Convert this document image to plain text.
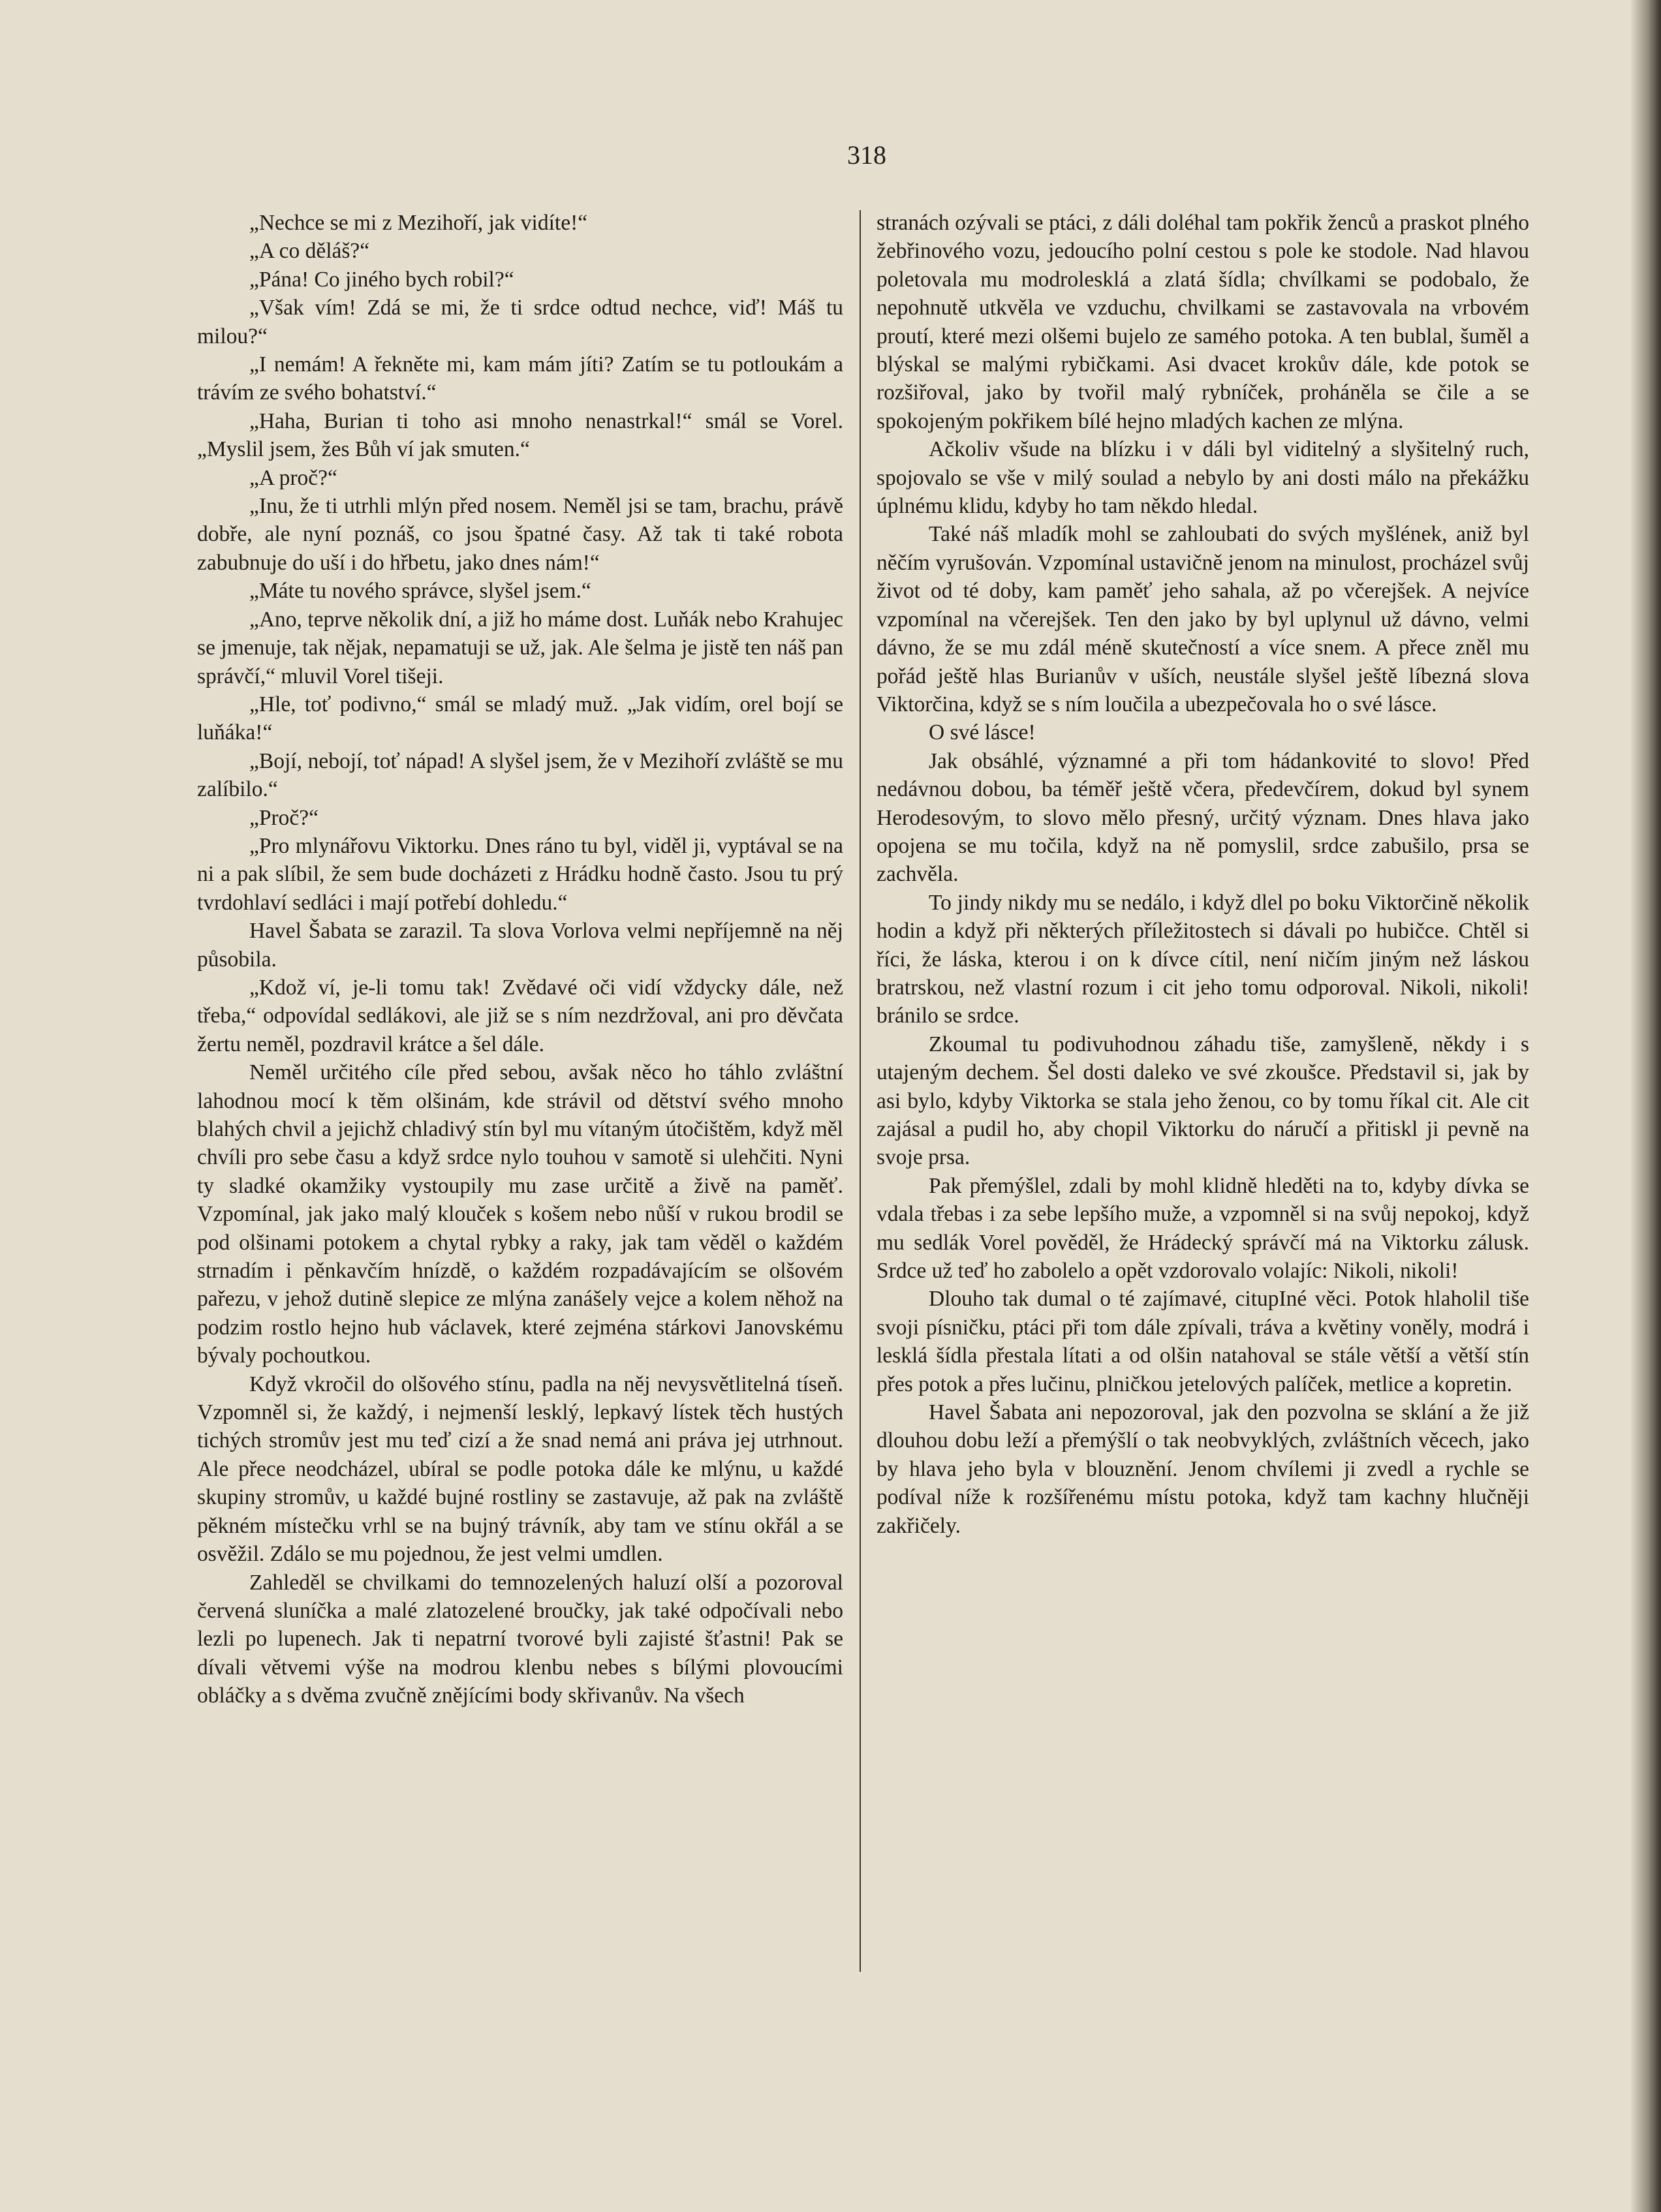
318

„Nechce se mi z Mezihoří, jak vidíte!“

„A co děláš?“

„Pána! Co jiného bych robil?“

„Však vím! Zdá se mi, že ti srdce odtud nechce, viď! Máš tu milou?“

„I nemám! A řekněte mi, kam mám jíti? Zatím se tu potloukám a trávím ze svého bohatství.“

„Haha, Burian ti toho asi mnoho nenastrkal!“ smál se Vorel. „Myslil jsem, žes Bůh ví jak smuten.“

„A proč?“

„Inu, že ti utrhli mlýn před nosem. Neměl jsi se tam, brachu, právě dobře, ale nyní poznáš, co jsou špatné časy. Až tak ti také robota zabubnuje do uší i do hřbetu, jako dnes nám!“

„Máte tu nového správce, slyšel jsem.“

„Ano, teprve několik dní, a již ho máme dost. Luňák nebo Krahujec se jmenuje, tak nějak, nepamatuji se už, jak. Ale šelma je jistě ten náš pan správčí,“ mluvil Vorel tišeji.

„Hle, toť podivno,“ smál se mladý muž. „Jak vidím, orel bojí se luňáka!“

„Bojí, nebojí, toť nápad! A slyšel jsem, že v Mezihoří zvláště se mu zalíbilo.“

„Proč?“

„Pro mlynářovu Viktorku. Dnes ráno tu byl, viděl ji, vyptával se na ni a pak slíbil, že sem bude docházeti z Hrádku hodně často. Jsou tu prý tvrdohlaví sedláci i mají potřebí dohledu.“

Havel Šabata se zarazil. Ta slova Vorlova velmi nepříjemně na něj působila.

„Kdož ví, je-li tomu tak! Zvědavé oči vidí vždycky dále, než třeba,“ odpovídal sedlákovi, ale již se s ním nezdržoval, ani pro děvčata žertu neměl, pozdravil krátce a šel dále.

Neměl určitého cíle před sebou, avšak něco ho táhlo zvláštní lahodnou mocí k těm olšinám, kde strávil od dětství svého mnoho blahých chvil a jejichž chladivý stín byl mu vítaným útočištěm, když měl chvíli pro sebe času a když srdce nylo touhou v samotě si ulehčiti. Nyni ty sladké okamžiky vystoupily mu zase určitě a živě na paměť. Vzpomínal, jak jako malý klouček s košem nebo nůší v rukou brodil se pod olšinami potokem a chytal rybky a raky, jak tam věděl o každém strnadím i pěnkavčím hnízdě, o každém rozpadávajícím se olšovém pařezu, v jehož dutině slepice ze mlýna zanášely vejce a kolem něhož na podzim rostlo hejno hub václavek, které zejména stárkovi Janovskému bývaly pochoutkou.

Když vkročil do olšového stínu, padla na něj nevysvětlitelná tíseň. Vzpomněl si, že každý, i nejmenší lesklý, lepkavý lístek těch hustých tichých stromův jest mu teď cizí a že snad nemá ani práva jej utrhnout. Ale přece neodcházel, ubíral se podle potoka dále ke mlýnu, u každé skupiny stromův, u každé bujné rostliny se zastavuje, až pak na zvláště pěkném místečku vrhl se na bujný trávník, aby tam ve stínu okřál a se osvěžil. Zdálo se mu pojednou, že jest velmi umdlen.

Zahleděl se chvilkami do temnozelených haluzí olší a pozoroval červená sluníčka a malé zlatozelené broučky, jak také odpočívali nebo lezli po lupenech. Jak ti nepatrní tvorové byli zajisté šťastni! Pak se dívali větvemi výše na modrou klenbu nebes s bílými plovoucími obláčky a s dvěma zvučně znějícími body skřivanův. Na všech

stranách ozývali se ptáci, z dáli doléhal tam pokřik ženců a praskot plného žebřinového vozu, jedoucího polní cestou s pole ke stodole. Nad hlavou poletovala mu modrolesklá a zlatá šídla; chvílkami se podobalo, že nepohnutě utkvěla ve vzduchu, chvilkami se zastavovala na vrbovém proutí, které mezi olšemi bujelo ze samého potoka. A ten bublal, šuměl a blýskal se malými rybičkami. Asi dvacet krokův dále, kde potok se rozšiřoval, jako by tvořil malý rybníček, proháněla se čile a se spokojeným pokřikem bílé hejno mladých kachen ze mlýna.

Ačkoliv všude na blízku i v dáli byl viditelný a slyšitelný ruch, spojovalo se vše v milý soulad a nebylo by ani dosti málo na překážku úplnému klidu, kdyby ho tam někdo hledal.

Také náš mladík mohl se zahloubati do svých myšlének, aniž byl něčím vyrušován. Vzpomínal ustavičně jenom na minulost, procházel svůj život od té doby, kam paměť jeho sahala, až po včerejšek. A nejvíce vzpomínal na včerejšek. Ten den jako by byl uplynul už dávno, velmi dávno, že se mu zdál méně skutečností a více snem. A přece zněl mu pořád ještě hlas Burianův v uších, neustále slyšel ještě líbezná slova Viktorčina, když se s ním loučila a ubezpečovala ho o své lásce.

O své lásce!

Jak obsáhlé, významné a při tom hádankovité to slovo! Před nedávnou dobou, ba téměř ještě včera, předevčírem, dokud byl synem Herodesovým, to slovo mělo přesný, určitý význam. Dnes hlava jako opojena se mu točila, když na ně pomyslil, srdce zabušilo, prsa se zachvěla.

To jindy nikdy mu se nedálo, i když dlel po boku Viktorčině několik hodin a když při některých příležitostech si dávali po hubičce. Chtěl si říci, že láska, kterou i on k dívce cítil, není ničím jiným než láskou bratrskou, než vlastní rozum i cit jeho tomu odporoval. Nikoli, nikoli! bránilo se srdce.

Zkoumal tu podivuhodnou záhadu tiše, zamyšleně, někdy i s utajeným dechem. Šel dosti daleko ve své zkoušce. Představil si, jak by asi bylo, kdyby Viktorka se stala jeho ženou, co by tomu říkal cit. Ale cit zajásal a pudil ho, aby chopil Viktorku do náručí a přitiskl ji pevně na svoje prsa.

Pak přemýšlel, zdali by mohl klidně hleděti na to, kdyby dívka se vdala třebas i za sebe lepšího muže, a vzpomněl si na svůj nepokoj, když mu sedlák Vorel pověděl, že Hrádecký správčí má na Viktorku zálusk. Srdce už teď ho zabolelo a opět vzdorovalo volajíc: Nikoli, nikoli!

Dlouho tak dumal o té zajímavé, citupIné věci. Potok hlaholil tiše svoji písničku, ptáci při tom dále zpívali, tráva a květiny voněly, modrá i lesklá šídla přestala lítati a od olšin natahoval se stále větší a větší stín přes potok a přes lučinu, plničkou jetelových palíček, metlice a kopretin.

Havel Šabata ani nepozoroval, jak den pozvolna se sklání a že již dlouhou dobu leží a přemýšlí o tak neobvyklých, zvláštních věcech, jako by hlava jeho byla v blouznění. Jenom chvílemi ji zvedl a rychle se podíval níže k rozšířenému místu potoka, když tam kachny hlučněji zakřičely.
